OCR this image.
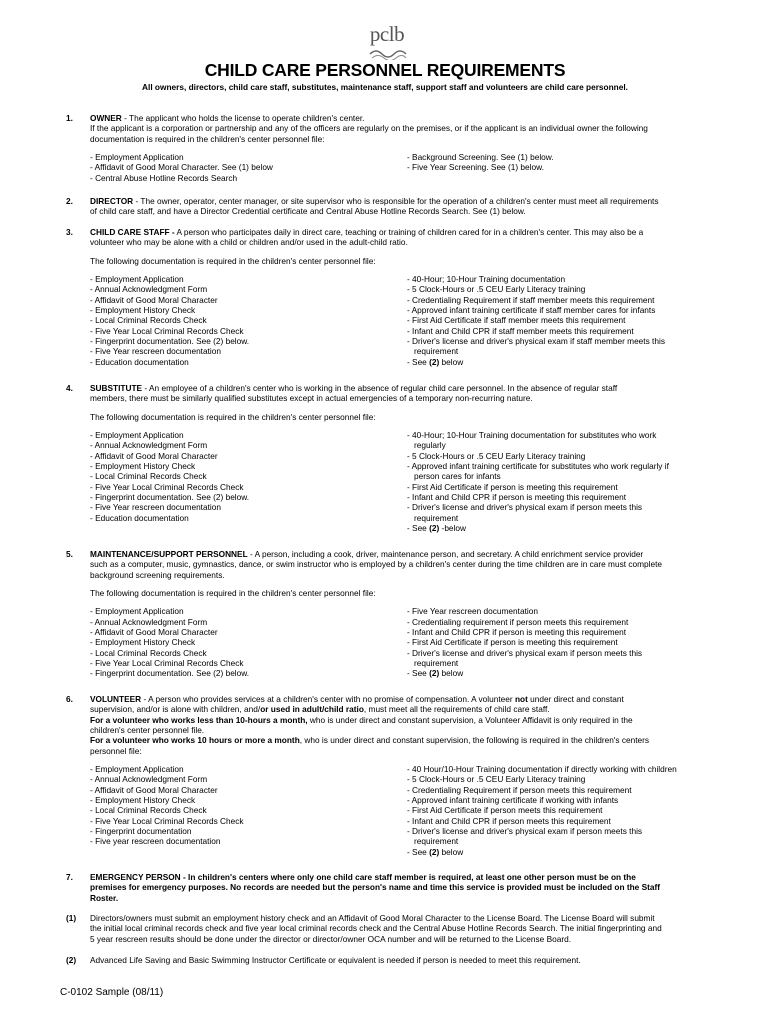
pclb
CHILD CARE PERSONNEL REQUIREMENTS
All owners, directors, child care staff, substitutes, maintenance staff, support staff and volunteers are child care personnel.
1.	OWNER - The applicant who holds the license to operate children's center.

If the applicant is a corporation or partnership and any of the officers are regularly on the premises, or if the applicant is an individual owner the following

documentation is required in the children's center personnel file:

- Employment Application
- Affidavit of Good Moral Character. See (1) below
- Central Abuse Hotline Records Search
- Background Screening. See (1) below.
- Five Year Screening. See (1) below.
2.	DIRECTOR - The owner, operator, center manager, or site supervisor who is responsible for the operation of a children's center must meet all requirements

of child care staff, and have a Director Credential certificate and Central Abuse Hotline Records Search. See (1) below.

3.	CHILD CARE STAFF - A person who participates daily in direct care, teaching or training of children cared for in a children's center. This may also be a

volunteer who may be alone with a child or children and/or used in the adult-child ratio.

The following documentation is required in the children's center personnel file:

- Employment Application
- Annual Acknowledgment Form
- Affidavit of Good Moral Character
- Employment History Check
- Local Criminal Records Check
- Five Year Local Criminal Records Check
- Fingerprint documentation. See (2) below.
- Five Year rescreen documentation
- Education documentation
- 40-Hour; 10-Hour Training documentation
- 5 Clock-Hours or .5 CEU Early Literacy training
- Credentialing Requirement if staff member meets this requirement
- Approved infant training certificate if staff member cares for infants
- First Aid Certificate if staff member meets this requirement
- Infant and Child CPR if staff member meets this requirement
- Driver's license and driver's physical exam if staff member meets this
requirement
- See (2) below
4.	SUBSTITUTE - An employee of a children's center who is working in the absence of regular child care personnel. In the absence of regular staff

members, there must be similarly qualified substitutes except in actual emergencies of a temporary non-recurring nature.

The following documentation is required in the children's center personnel file:

- Employment Application
- Annual Acknowledgment Form
- Affidavit of Good Moral Character
- Employment History Check
- Local Criminal Records Check
- Five Year Local Criminal Records Check
- Fingerprint documentation. See (2) below.
- Five Year rescreen documentation
- Education documentation
- 40-Hour; 10-Hour Training documentation for substitutes who work
regularly
- 5 Clock-Hours or .5 CEU Early Literacy training
- Approved infant training certificate for substitutes who work regularly if
person cares for infants
- First Aid Certificate if person is meeting this requirement
- Infant and Child CPR if person is meeting this requirement
- Driver's license and driver's physical exam if person meets this
requirement
- See (2) -below
5.	MAINTENANCE/SUPPORT PERSONNEL - A person, including a cook, driver, maintenance person, and secretary. A child enrichment service provider

such as a computer, music, gymnastics, dance, or swim instructor who is employed by a children's center during the time children are in care must complete

background screening requirements.

The following documentation is required in the children's center personnel file:

- Employment Application
- Annual Acknowledgment Form
- Affidavit of Good Moral Character
- Employment History Check
- Local Criminal Records Check
- Five Year Local Criminal Records Check
- Fingerprint documentation. See (2) below.
- Five Year rescreen documentation
- Credentialing requirement if person meets this requirement
- Infant and Child CPR if person is meeting this requirement
- First Aid Certificate if person is meeting this requirement
- Driver's license and driver's physical exam if person meets this
requirement
- See (2) below
6.	VOLUNTEER - A person who provides services at a children's center with no promise of compensation. A volunteer not under direct and constant

supervision, and/or is alone with children, and/or used in adult/child ratio, must meet all the requirements of child care staff.

For a volunteer who works less than 10-hours a month, who is under direct and constant supervision, a Volunteer Affidavit is only required in the

children's center personnel file.

For a volunteer who works 10 hours or more a month, who is under direct and constant supervision, the following is required in the children's centers

personnel file:

- Employment Application
- Annual Acknowledgment Form
- Affidavit of Good Moral Character
- Employment History Check
- Local Criminal Records Check
- Five Year Local Criminal Records Check
- Fingerprint documentation
- Five year rescreen documentation
- 40 Hour/10-Hour Training documentation if directly working with children
- 5 Clock-Hours or .5 CEU Early Literacy training
- Credentialing Requirement if person meets this requirement
- Approved infant training certificate if working with infants
- First Aid Certificate if person meets this requirement
- Infant and Child CPR if person meets this requirement
- Driver's license and driver's physical exam if person meets this
requirement
- See (2) below
7.	EMERGENCY PERSON - In children's centers where only one child care staff member is required, at least one other person must be on the

premises for emergency purposes. No records are needed but the person's name and time this service is provided must be included on the Staff

Roster.

(1)	Directors/owners must submit an employment history check and an Affidavit of Good Moral Character to the License Board. The License Board will submit

the initial local criminal records check and five year local criminal records check and the Central Abuse Hotline Records Search. The initial fingerprinting and

5 year rescreen results should be done under the director or director/owner OCA number and will be returned to the License Board.

(2)	Advanced Life Saving and Basic Swimming Instructor Certificate or equivalent is needed if person is needed to meet this requirement.

C-0102 Sample (08/11)
